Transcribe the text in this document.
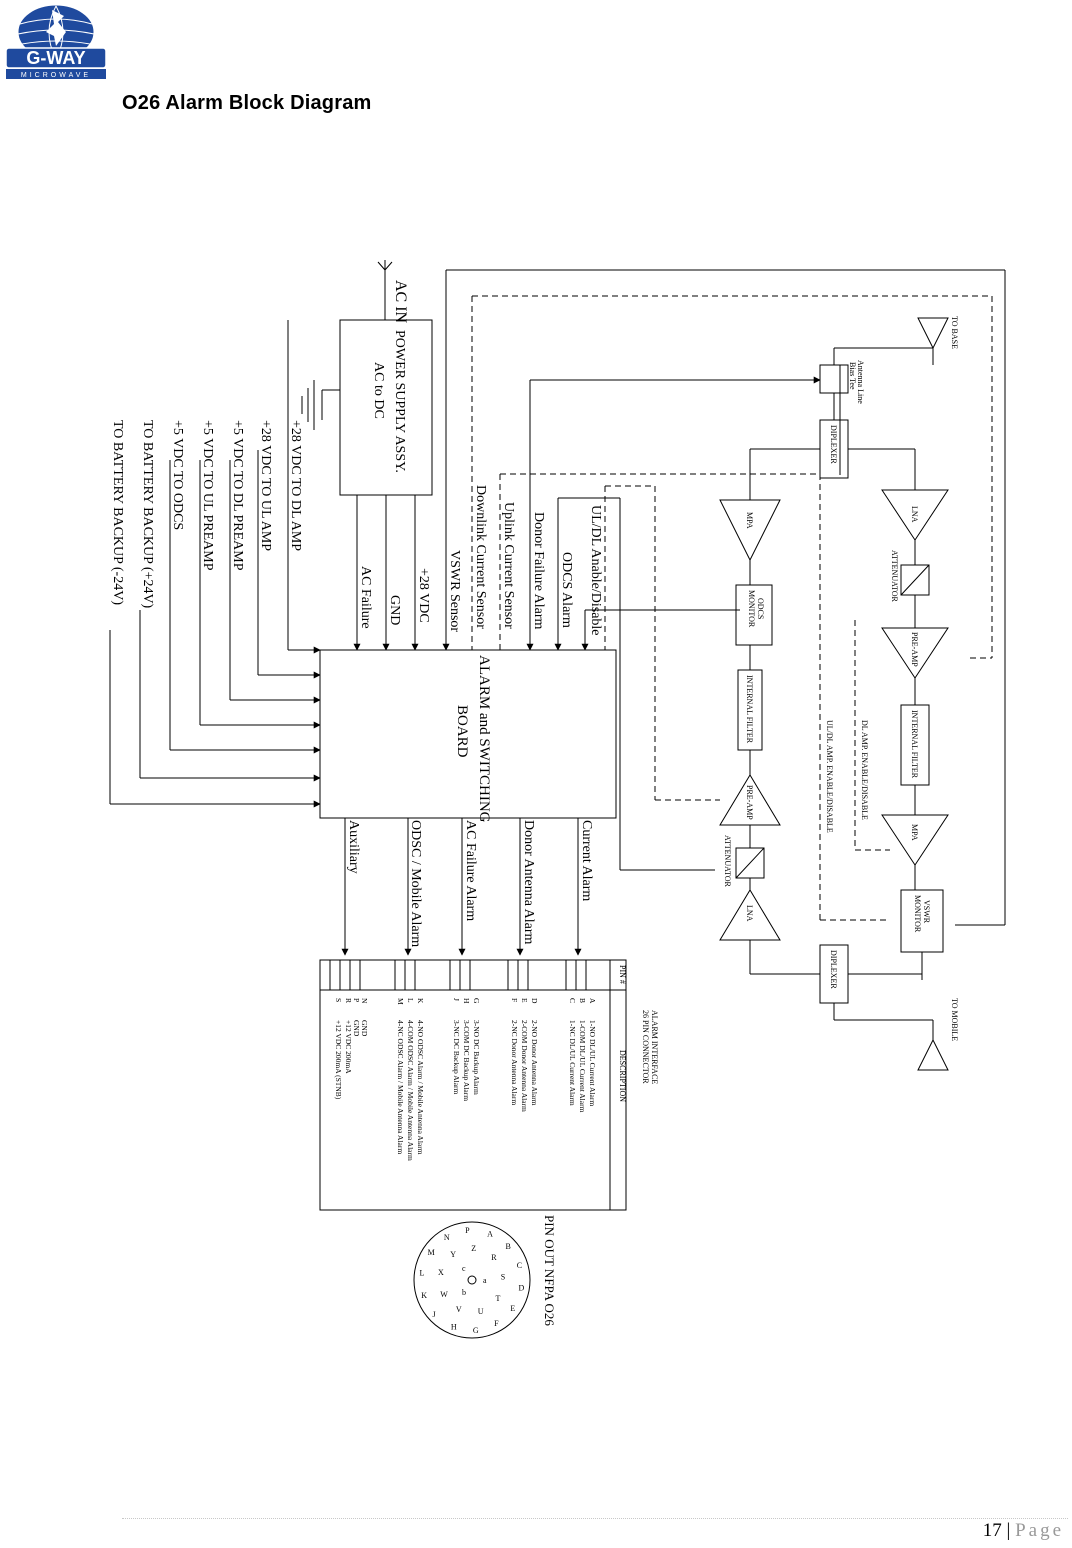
G-WAY
MICROWAVE
O26 Alarm Block Diagram
AC IN
POWER SUPPLY ASSY.
AC to DC
+28 VDC TO DL AMP
+28 VDC TO UL AMP
+5 VDC TO DL PREAMP
+5 VDC TO UL PREAMP
+5 VDC TO ODCS
TO BATTERY BACKUP (+24V)
TO BATTERY BACKUP (-24V)	AC Failure GND +28 VDC VSWR Sensor Downlink Current Sensor Uplink Current Sensor Donor Failure Alarm ODCS Alarm UL/DL Anable/Disable
ALARM and SWITCHING
BOARD
Auxiliary	ODSC / Mobile Alarm	AC Failure Alarm	Donor Antenna Alarm	Current Alarm
TO BASE
TO MOBILE
Antenna Line
Bias Tee
DIPLEXER
DIPLEXER
LNA
ATTENUATOR
PRE-AMP
INTERNAL FILTER
MPA
VSWR
MONITOR
MPA
ODCS
MONITOR
INTERNAL FILTER
PRE-AMP
ATTENUATOR
LNA
DL AMP. ENABLE/DISABLE
UL/DL AMP. ENABLE/DISABLE
ALARM INTERFACE
26 PIN CONNECTOR
PIN #
DESCRIPTION
A
1-NO DL/UL Current Alarm
B
1-COM DL/UL Current Alarm
C
1-NC DL/UL Current Alarm
D
2-NO Donor Antenna Alarm
E
2-COM Donor Antenna Alarm
F
2-NC Donor Antenna Alarm
G
3-NO DC Backup Alarm
H
3-COM DC Backup Alarm
J
3-NC DC Backup Alarm
K
4-NO ODSC Alarm / Mobile Antenna Alarm
L
4-COM ODSC Alarm / Mobile Antenna Alarm
M
4-NC ODSC Alarm / Mobile Antenna Alarm
N
GND
P
GND
R
+12 VDC 200mA
S
+12 VDC 200mA (STNB)
PIN OUT NFPA O26
A
B
C
D
E
F
G
H
J
K
L
M
N
P
R
S
T
U
V
W
X
Y
Z
a
b
c
17 | Page
